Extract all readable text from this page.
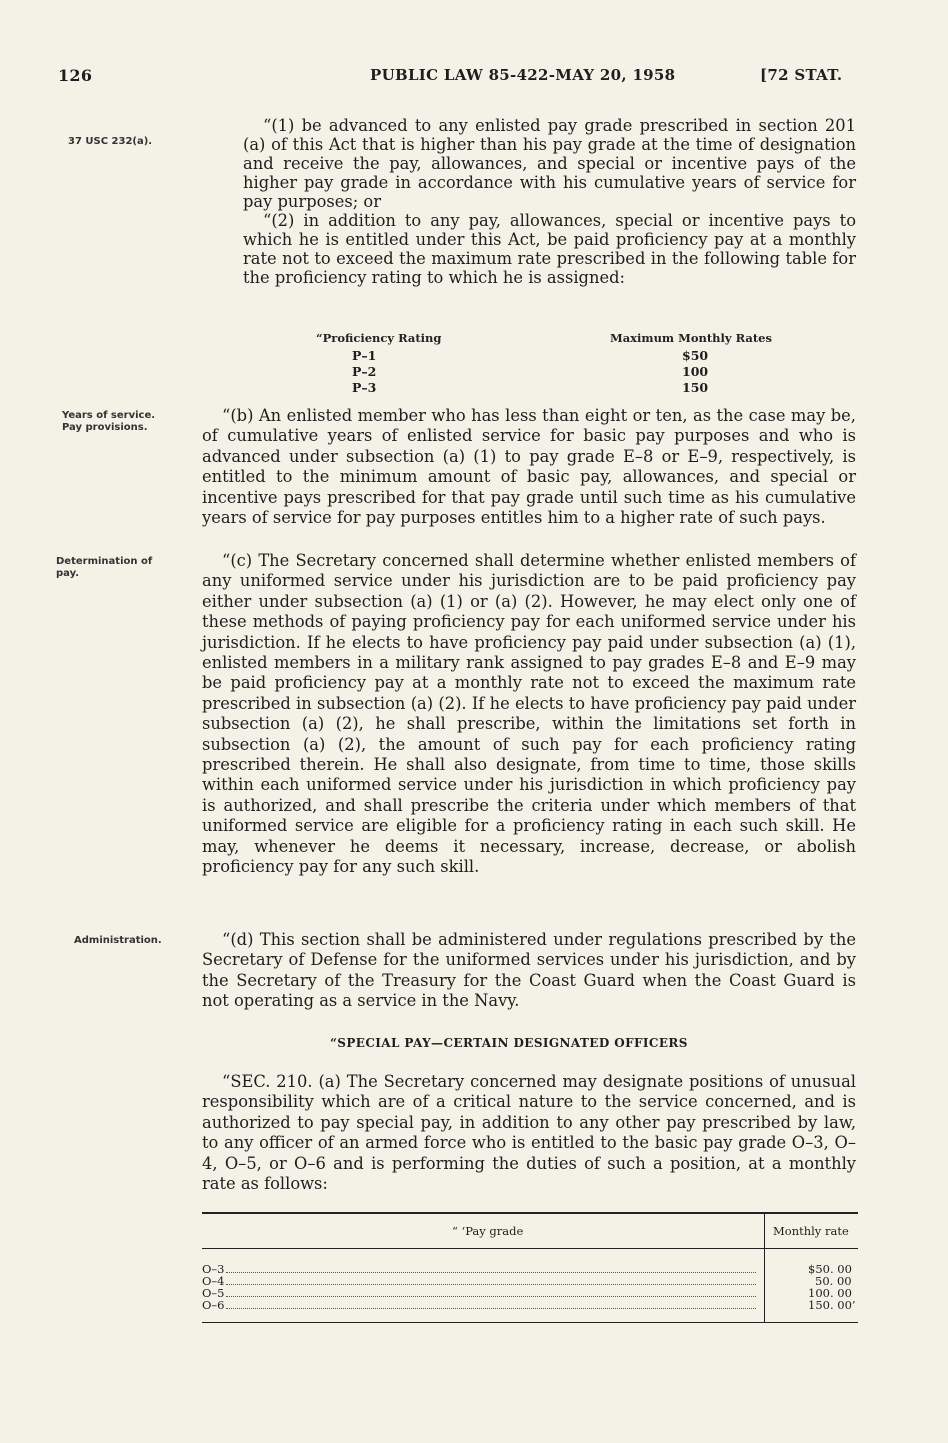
126	PUBLIC LAW 85-422-MAY 20, 1958	[72 STAT.
37 USC 232(a).

“(1) be advanced to any enlisted pay grade prescribed in section 201 (a) of this Act that is higher than his pay grade at the time of designation and receive the pay, allowances, and special or incentive pays of the higher pay grade in accordance with his cumulative years of service for pay purposes; or

“(2) in addition to any pay, allowances, special or incentive pays to which he is entitled under this Act, be paid proficiency pay at a monthly rate not to exceed the maximum rate prescribed in the following table for the proficiency rating to which he is assigned:

“Proficiency Rating	Maximum Monthly Rates
P–1	$50
P–2	100
P–3	150
Years of service.
Pay provisions.

“(b) An enlisted member who has less than eight or ten, as the case may be, of cumulative years of enlisted service for basic pay purposes and who is advanced under subsection (a) (1) to pay grade E–8 or E–9, respectively, is entitled to the minimum amount of basic pay, allowances, and special or incentive pays prescribed for that pay grade until such time as his cumulative years of service for pay purposes entitles him to a higher rate of such pays.

Determination of
pay.

“(c) The Secretary concerned shall determine whether enlisted members of any uniformed service under his jurisdiction are to be paid proficiency pay either under subsection (a) (1) or (a) (2). However, he may elect only one of these methods of paying proficiency pay for each uniformed service under his jurisdiction. If he elects to have proficiency pay paid under subsection (a) (1), enlisted members in a military rank assigned to pay grades E–8 and E–9 may be paid proficiency pay at a monthly rate not to exceed the maximum rate prescribed in subsection (a) (2). If he elects to have proficiency pay paid under subsection (a) (2), he shall prescribe, within the limitations set forth in subsection (a) (2), the amount of such pay for each proficiency rating prescribed therein. He shall also designate, from time to time, those skills within each uniformed service under his jurisdiction in which proficiency pay is authorized, and shall prescribe the criteria under which members of that uniformed service are eligible for a proficiency rating in each such skill. He may, whenever he deems it necessary, increase, decrease, or abolish proficiency pay for any such skill.

Administration.	“(d) This section shall be administered under regulations prescribed by the Secretary of Defense for the uniformed services under his jurisdiction, and by the Secretary of the Treasury for the Coast Guard when the Coast Guard is not operating as a service in the Navy.

“SPECIAL PAY—CERTAIN DESIGNATED OFFICERS

“SEC. 210. (a) The Secretary concerned may designate positions of unusual responsibility which are of a critical nature to the service concerned, and is authorized to pay special pay, in addition to any other pay prescribed by law, to any officer of an armed force who is entitled to the basic pay grade O–3, O–4, O–5, or O–6 and is performing the duties of such a position, at a monthly rate as follows:

“ ‘Pay grade	Monthly rate
O–3	$50. 00
O–4	50. 00
O–5	100. 00
O–6	150. 00’
